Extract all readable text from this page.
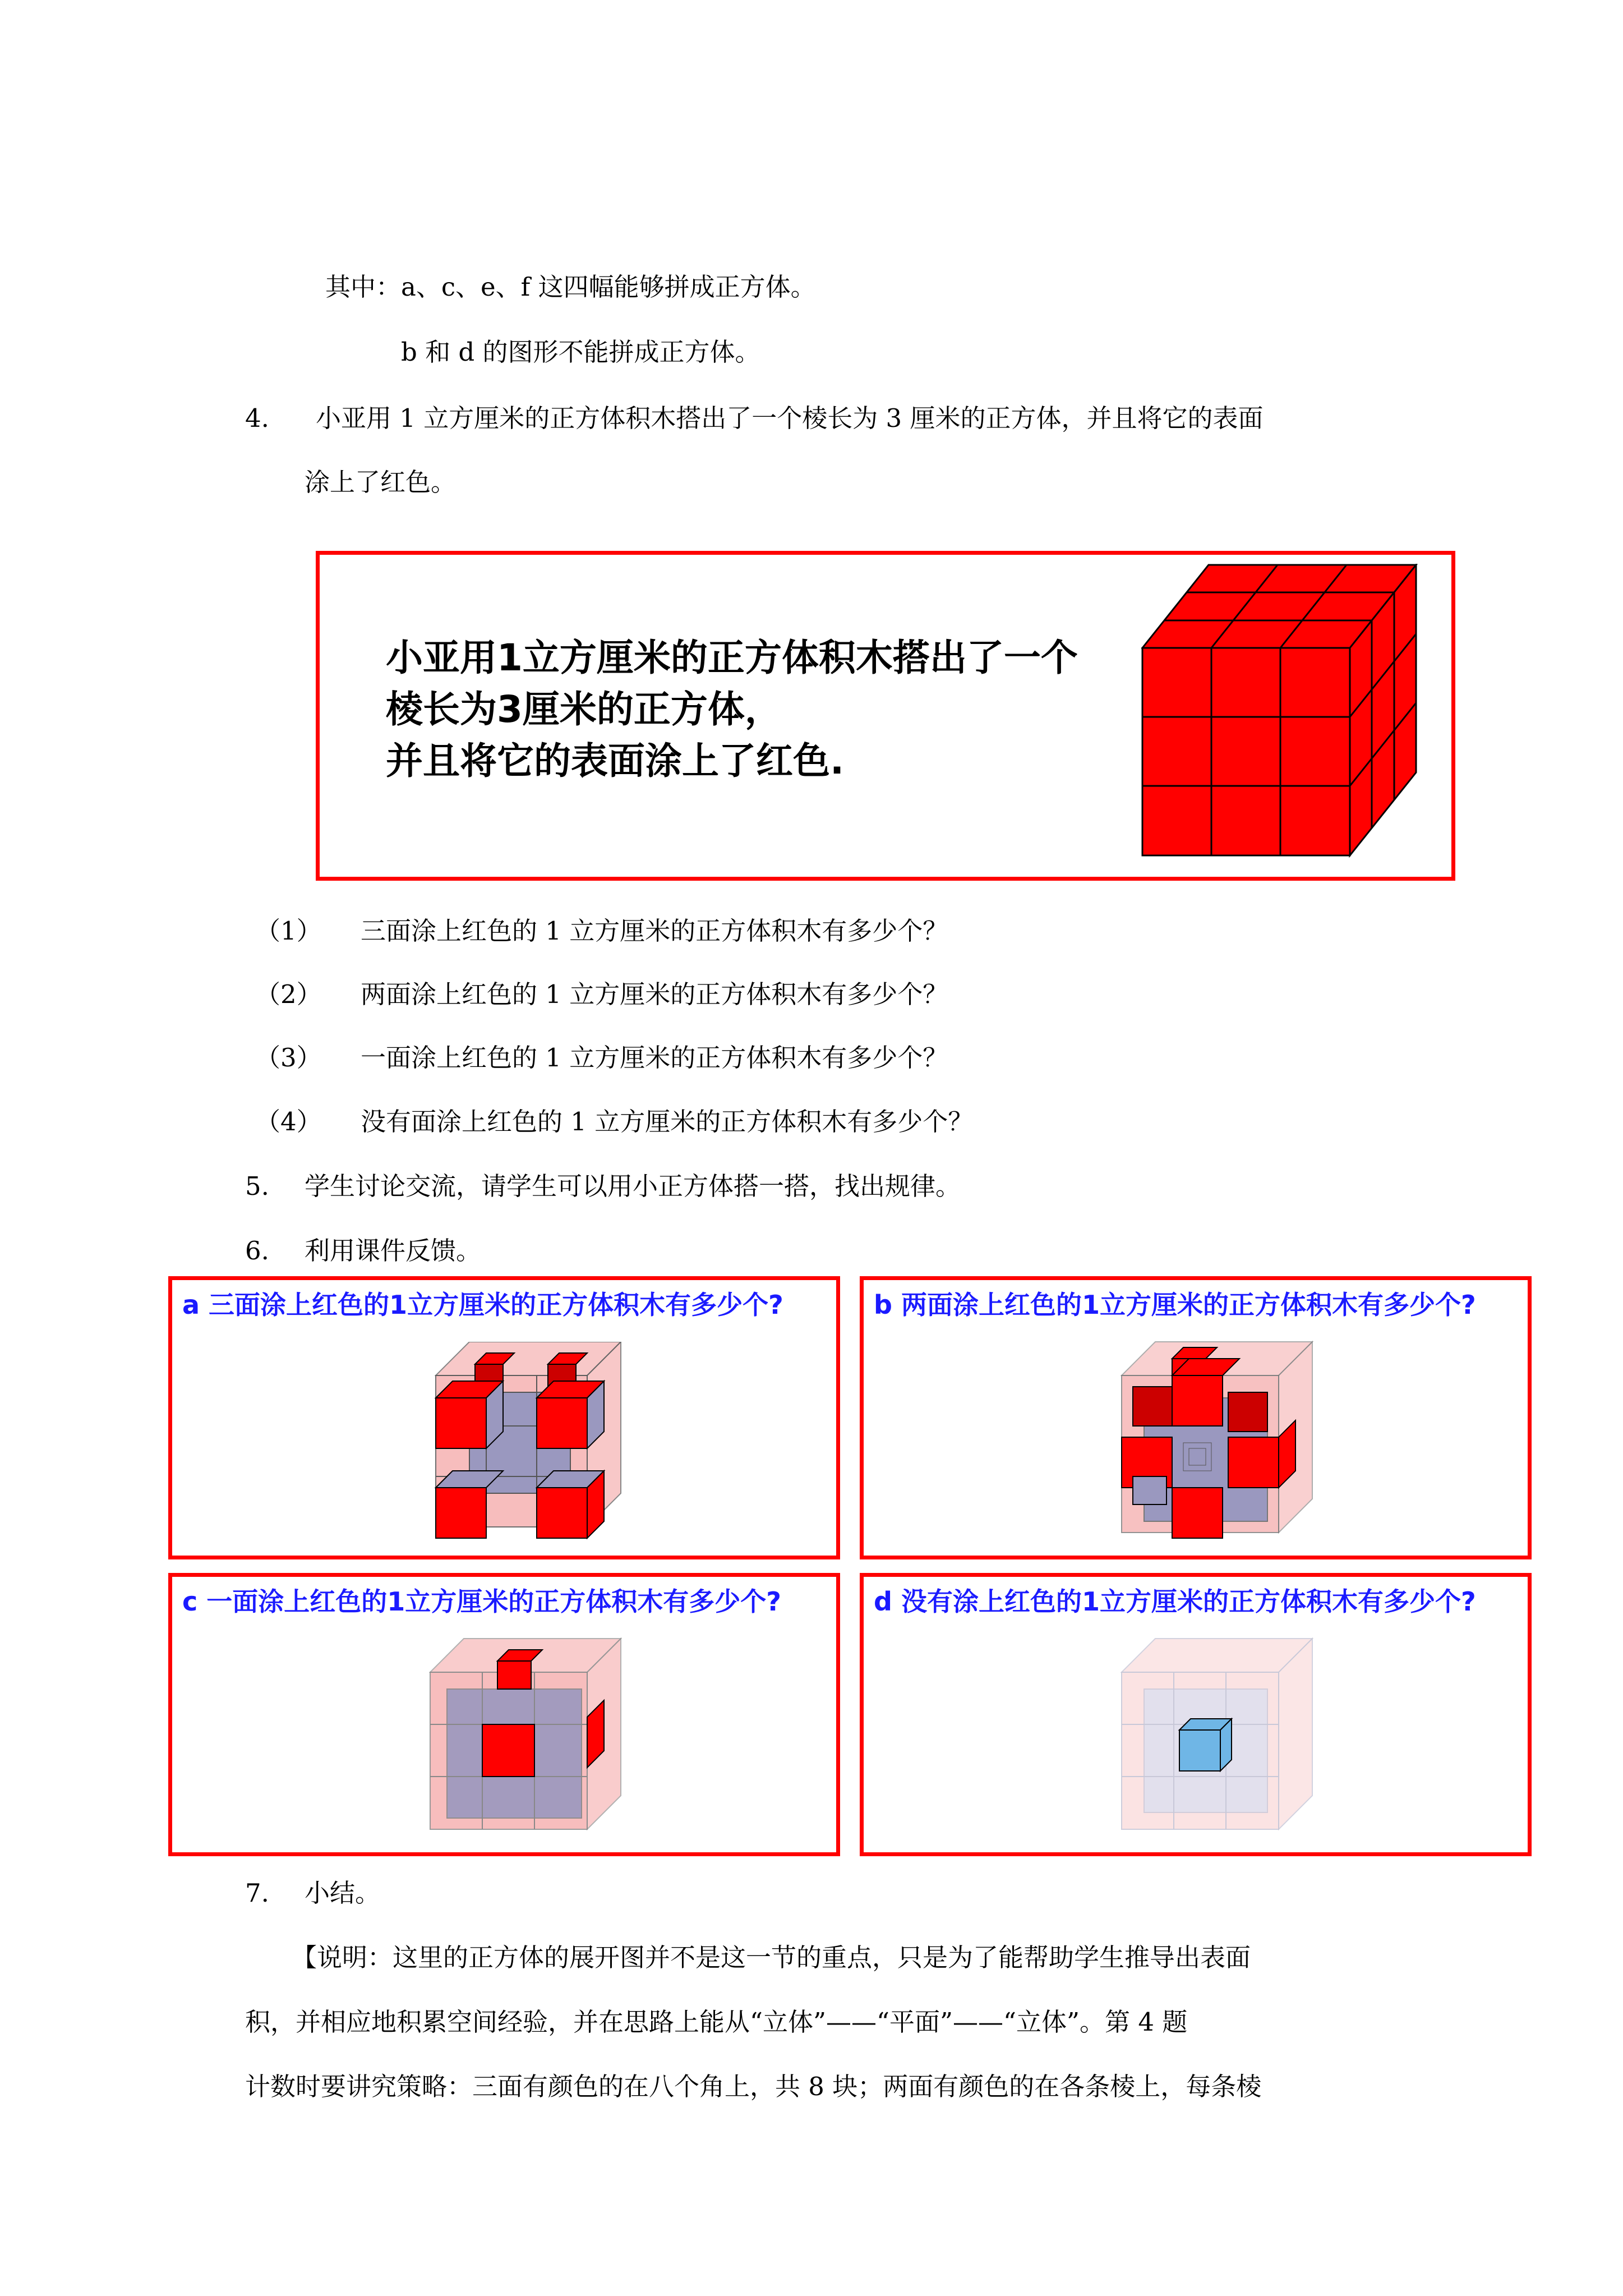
其中：a、c、e、f 这四幅能够拼成正方体。
b 和 d 的图形不能拼成正方体。
4. 小亚用 1 立方厘米的正方体积木搭出了一个棱长为 3 厘米的正方体，并且将它的表面
涂上了红色。
小亚用1立方厘米的正方体积木搭出了一个
棱长为3厘米的正方体，
并且将它的表面涂上了红色.
（1） 三面涂上红色的 1 立方厘米的正方体积木有多少个？
（2） 两面涂上红色的 1 立方厘米的正方体积木有多少个？
（3） 一面涂上红色的 1 立方厘米的正方体积木有多少个？
（4） 没有面涂上红色的 1 立方厘米的正方体积木有多少个？
5. 学生讨论交流，请学生可以用小正方体搭一搭，找出规律。
6. 利用课件反馈。
a 三面涂上红色的1立方厘米的正方体积木有多少个?	b 两面涂上红色的1立方厘米的正方体积木有多少个?
c 一面涂上红色的1立方厘米的正方体积木有多少个?	d 没有涂上红色的1立方厘米的正方体积木有多少个?
7. 小结。
【说明：这里的正方体的展开图并不是这一节的重点，只是为了能帮助学生推导出表面
积，并相应地积累空间经验，并在思路上能从“立体”——“平面”——“立体”。第 4 题
计数时要讲究策略：三面有颜色的在八个角上，共 8 块；两面有颜色的在各条棱上，每条棱
